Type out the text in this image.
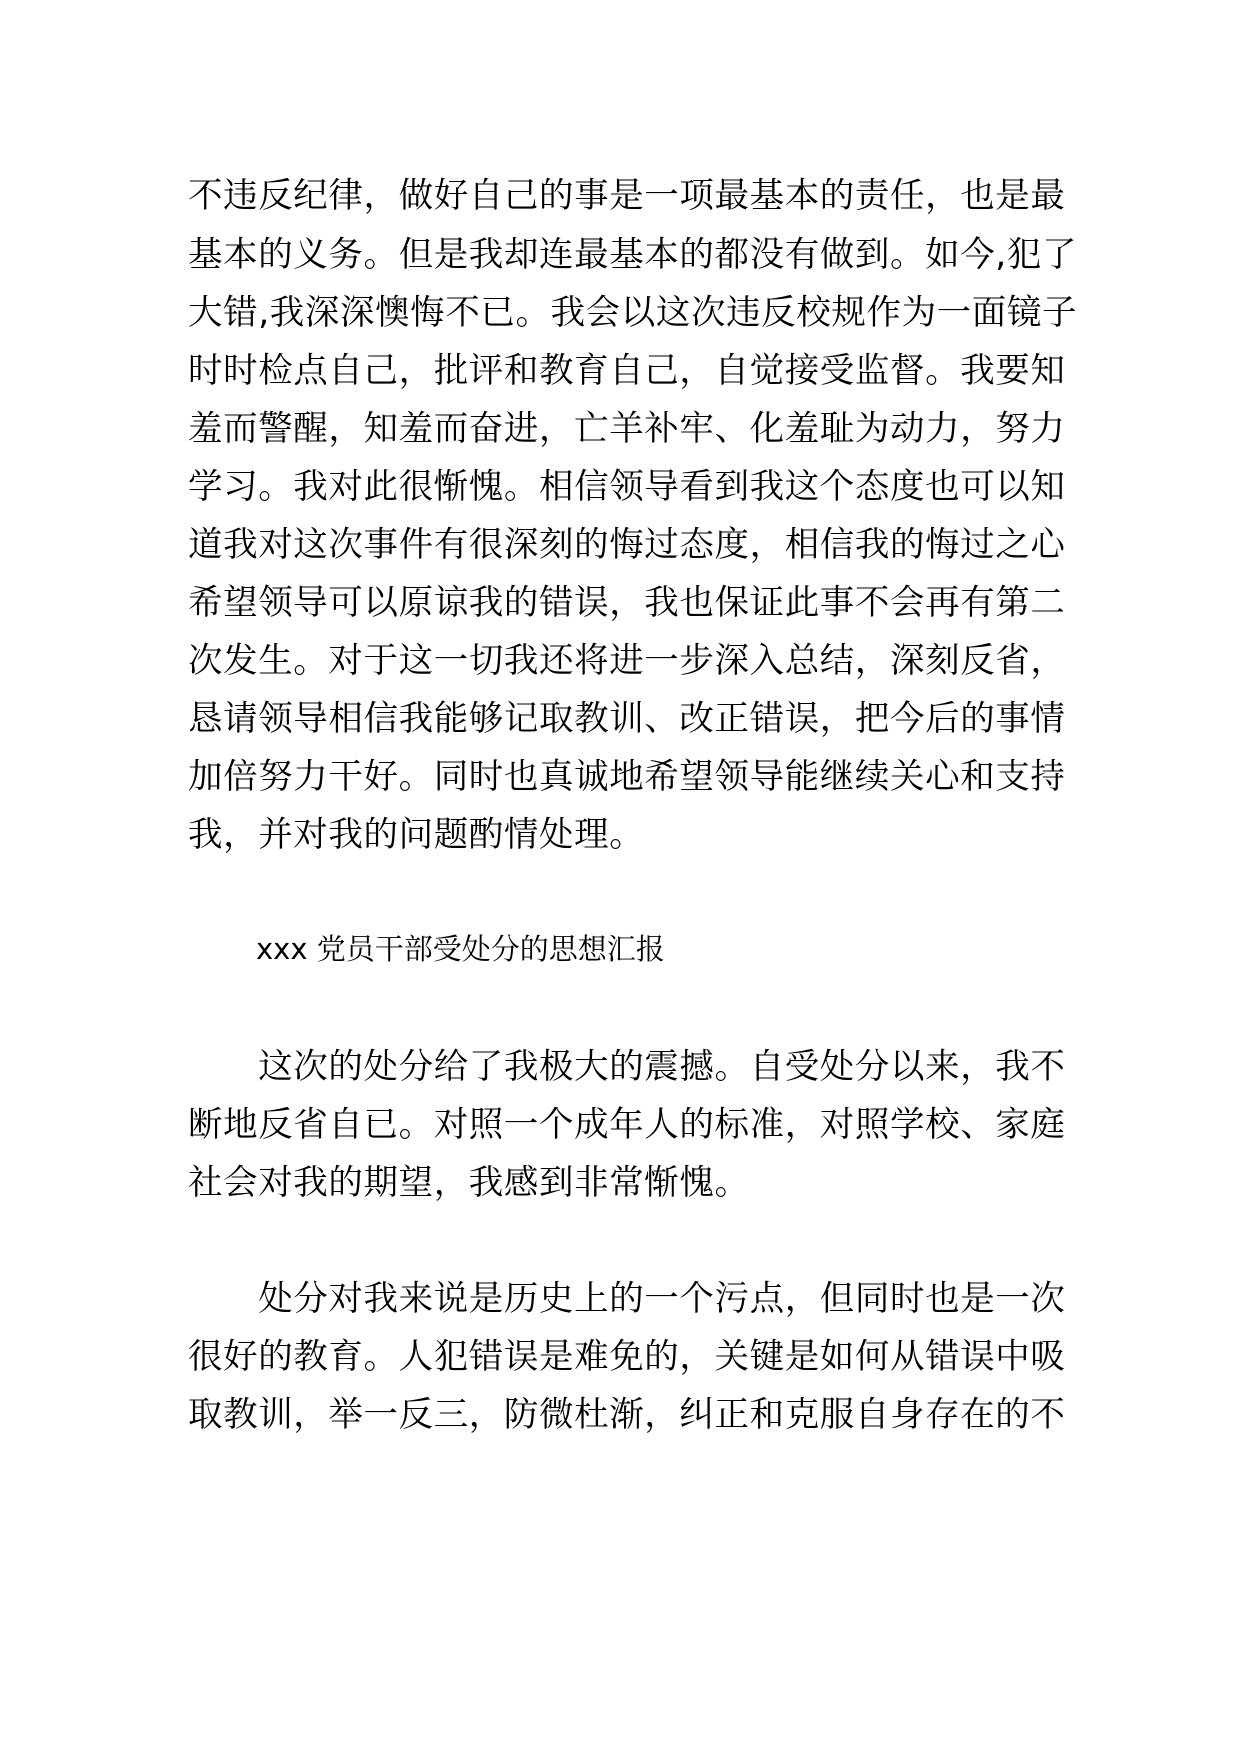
不违反纪律，做好自己的事是一项最基本的责任，也是最

基本的义务。但是我却连最基本的都没有做到。如今,犯了

大错,我深深懊悔不已。我会以这次违反校规作为一面镜子

时时检点自己，批评和教育自己，自觉接受监督。我要知

羞而警醒，知羞而奋进，亡羊补牢、化羞耻为动力，努力

学习。我对此很惭愧。相信领导看到我这个态度也可以知

道我对这次事件有很深刻的悔过态度，相信我的悔过之心

希望领导可以原谅我的错误，我也保证此事不会再有第二

次发生。对于这一切我还将进一步深入总结，深刻反省，

恳请领导相信我能够记取教训、改正错误，把今后的事情

加倍努力干好。同时也真诚地希望领导能继续关心和支持

我，并对我的问题酌情处理。

xxx 党员干部受处分的思想汇报

　　这次的处分给了我极大的震撼。自受处分以来，我不

断地反省自已。对照一个成年人的标准，对照学校、家庭

社会对我的期望，我感到非常惭愧。

　　处分对我来说是历史上的一个污点，但同时也是一次

很好的教育。人犯错误是难免的，关键是如何从错误中吸

取教训，举一反三，防微杜渐，纠正和克服自身存在的不
